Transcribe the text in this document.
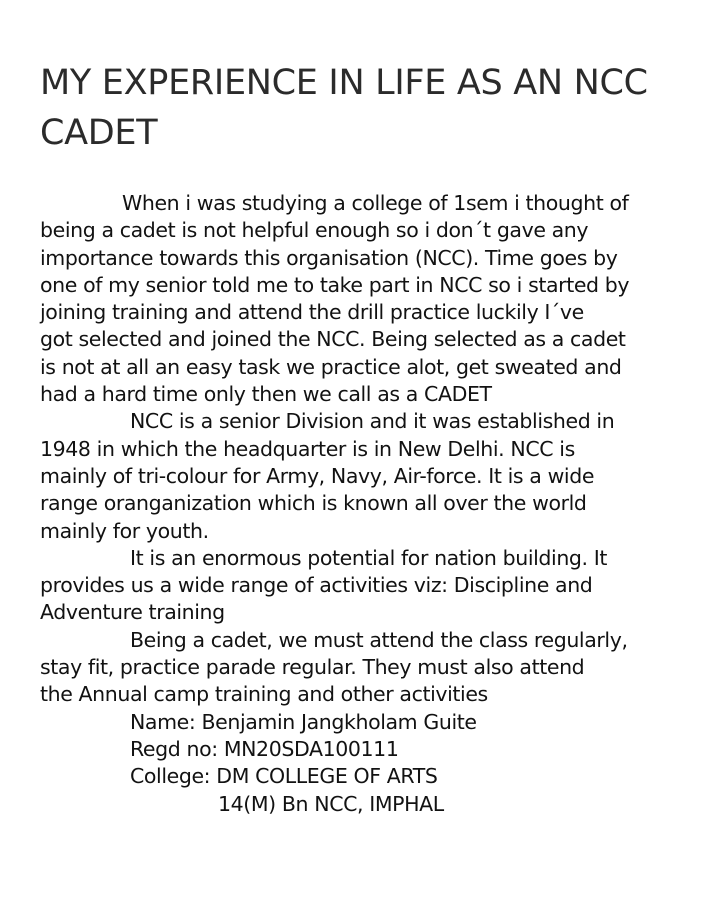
MY EXPERIENCE IN LIFE AS AN NCC CADET
When i was studying a college of 1sem i thought of
being a cadet is not helpful enough so i don´t gave any
importance towards this organisation (NCC). Time goes by
one of my senior told me to take part in NCC so i started by
joining training and attend the drill practice luckily I´ve
got selected and joined the NCC. Being selected as a cadet
is not at all an easy task we practice alot, get sweated and
had a hard time only then we call as a CADET
NCC is a senior Division and it was established in
1948 in which the headquarter is in New Delhi. NCC is
mainly of tri-colour for Army, Navy, Air-force. It is a wide
range oranganization which is known all over the world
mainly for youth.
It is an enormous potential for nation building. It
provides us a wide range of activities viz: Discipline and
Adventure training
Being a cadet, we must attend the class regularly,
stay fit, practice parade regular. They must also attend
the Annual camp training and other activities
Name: Benjamin Jangkholam Guite
Regd no: MN20SDA100111
College: DM COLLEGE OF ARTS
14(M) Bn NCC, IMPHAL
